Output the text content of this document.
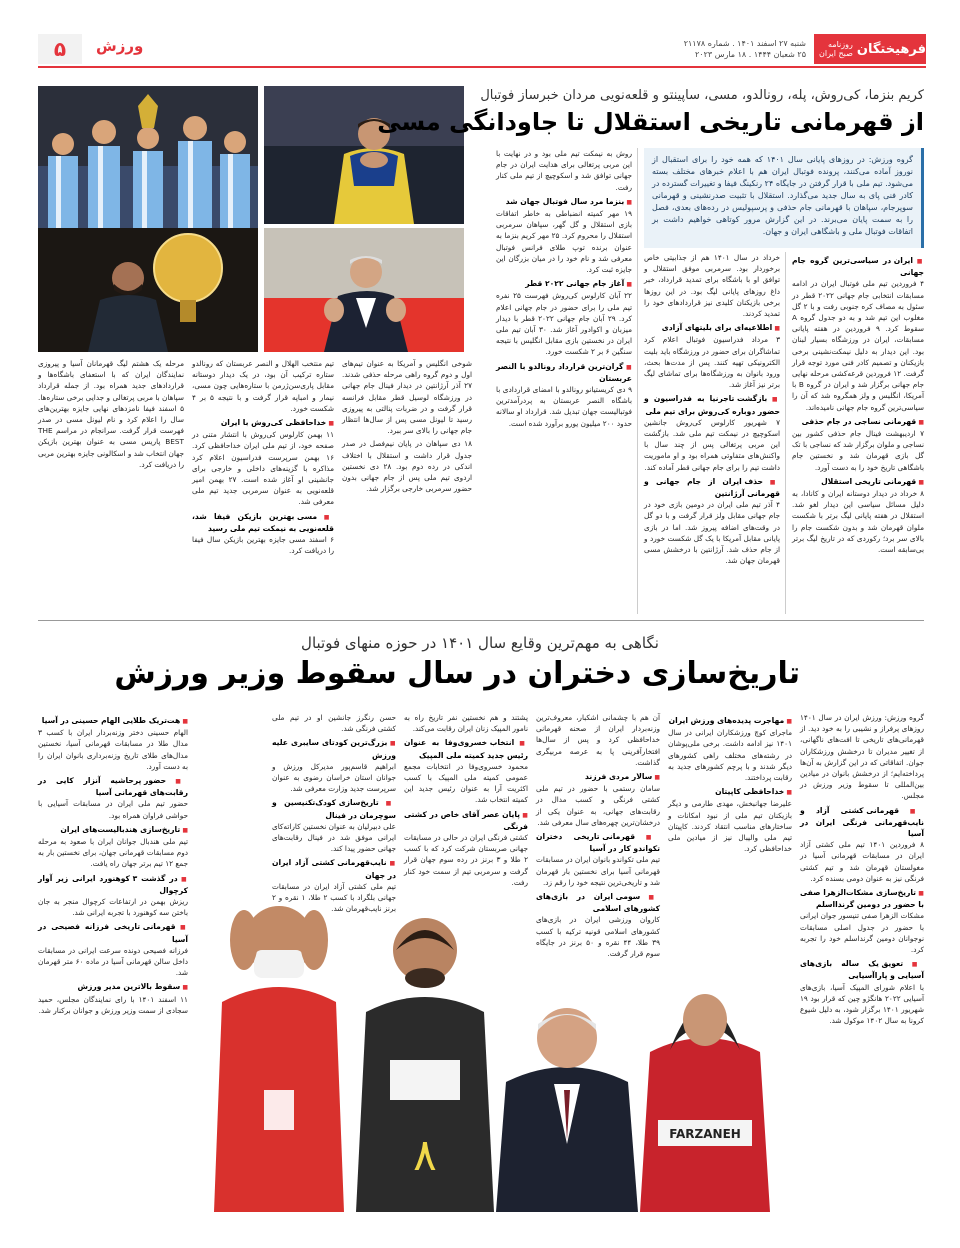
فرهیختگان
روزنامه صبح ایران
شنبه ۲۷ اسفند ۱۴۰۱ . شماره ۲۱۱۷۸
۲۵ شعبان ۱۴۴۴ . ۱۸ مارس ۲۰۲۳
ورزش
۵
کریم بنزما، کی‌روش، پله، رونالدو، مسی، ساپینتو و قلعه‌نویی مردان خبرساز فوتبال
از قهرمانی تاریخی استقلال تا جاودانگی مسی
گروه ورزش: در روزهای پایانی سال ۱۴۰۱ که همه خود را برای استقبال از نوروز آماده می‌کنند، پرونده فوتبال ایران هم با اعلام خبرهای مختلف بسته می‌شود. تیم ملی با قرار گرفتن در جایگاه ۲۴ رنکینگ فیفا و تغییرات گسترده در کادر فنی پای به سال جدید می‌گذارد. استقلال با تثبیت صدرنشینی و قهرمانی سوپرجام، سپاهان با قهرمانی جام حذفی و پرسپولیس در رده‌های بعدی، فصل را به سمت پایان می‌برند. در این گزارش مرور کوتاهی خواهیم داشت بر اتفاقات فوتبال ملی و باشگاهی ایران و جهان.
■ ایران در سیاسی‌ترین گروه جام جهانی

۴ فروردین تیم ملی فوتبال ایران در ادامه مسابقات انتخابی جام جهانی ۲۰۲۲ قطر در سئول به مصاف کره جنوبی رفت و با ۲ گل مغلوب این تیم شد و به دو جدول گروه A سقوط کرد. ۹ فروردین در هفته پایانی مسابقات، ایران در ورزشگاه بسیار لبنان بود. این دیدار به دلیل نیمکت‌نشینی برخی بازیکنان و تصمیم کادر فنی مورد توجه قرار گرفت. ۱۲ فروردین قرعه‌کشی مرحله نهایی جام جهانی برگزار شد و ایران در گروه B با آمریکا، انگلیس و ولز همگروه شد که آن را سیاسی‌ترین گروه جام جهانی نامیده‌اند.

■ قهرمانی نساجی در جام حذفی

۷ اردیبهشت فینال جام حذفی کشور بین نساجی و ملوان برگزار شد که نساجی با تک گل بازی قهرمان شد و نخستین جام باشگاهی تاریخ خود را به دست آورد.

■ قهرمانی تاریخی استقلال

۸ خرداد در دیدار دوستانه ایران و کانادا، به دلیل مسائل سیاسی این دیدار لغو شد. استقلال در هفته پایانی لیگ برتر با شکست ملوان قهرمان شد و بدون شکست جام را بالای سر برد؛ رکوردی که در تاریخ لیگ برتر بی‌سابقه است.

خرداد در سال ۱۴۰۱ هم از جذابیتی خاص برخوردار بود. سرمربی موفق استقلال و توافق او با باشگاه برای تمدید قرارداد، خبر داغ روزهای پایانی لیگ بود. در این روزها برخی بازیکنان کلیدی نیز قراردادهای خود را تمدید کردند.

■ اطلاعیه‌ای برای بلیتهای آزادی

۳ مرداد فدراسیون فوتبال اعلام کرد تماشاگران برای حضور در ورزشگاه باید بلیت الکترونیکی تهیه کنند. پس از مدت‌ها بحث، ورود بانوان به ورزشگاه‌ها برای تماشای لیگ برتر نیز آغاز شد.

■ بازگشت تاجرنیا به فدراسیون و حضور دوباره کی‌روش برای تیم ملی

۷ شهریور کارلوس کی‌روش جانشین اسکوچیچ در نیمکت تیم ملی شد. بازگشت این مربی پرتغالی پس از چند سال با واکنش‌های متفاوتی همراه بود و او ماموریت داشت تیم را برای جام جهانی قطر آماده کند.

■ حذف ایران از جام جهانی و قهرمانی آرژانتین

۴ آذر تیم ملی ایران در دومین بازی خود در جام جهانی مقابل ولز قرار گرفت و با دو گل در وقت‌های اضافه پیروز شد. اما در بازی پایانی مقابل آمریکا با یک گل شکست خورد و از جام حذف شد. آرژانتین با درخشش مسی قهرمان جهان شد.

روش به نیمکت تیم ملی بود و در نهایت با این مربی پرتغالی برای هدایت ایران در جام جهانی توافق شد و اسکوچیچ از تیم ملی کنار رفت.

■ بنزما مرد سال فوتبال جهان شد

۱۹ مهر کمیته انضباطی به خاطر اتفاقات بازی استقلال و گل گهر، سپاهان سرمربی استقلال را محروم کرد. ۲۵ مهر کریم بنزما به عنوان برنده توپ طلای فرانس فوتبال معرفی شد و نام خود را در میان بزرگان این جایزه ثبت کرد.

■ آغاز جام جهانی ۲۰۲۲ قطر

۲۲ آبان کارلوس کی‌روش فهرست ۲۵ نفره تیم ملی را برای حضور در جام جهانی اعلام کرد. ۲۹ آبان جام جهانی ۲۰۲۲ قطر با دیدار میزبان و اکوادور آغاز شد. ۳۰ آبان تیم ملی ایران در نخستین بازی مقابل انگلیس با نتیجه سنگین ۶ بر ۲ شکست خورد.

■ گران‌ترین قرارداد رونالدو با النصر عربستان

۹ دی کریستیانو رونالدو با امضای قراردادی با باشگاه النصر عربستان به پردرآمدترین فوتبالیست جهان تبدیل شد. قرارداد او سالانه حدود ۲۰۰ میلیون یورو برآورد شده است.

شوخی انگلیس و آمریکا به عنوان تیم‌های اول و دوم گروه راهی مرحله حذفی شدند. ۲۷ آذر آرژانتین در دیدار فینال جام جهانی در ورزشگاه لوسیل قطر مقابل فرانسه قرار گرفت و در ضربات پنالتی به پیروزی رسید تا لیونل مسی پس از سال‌ها انتظار جام جهانی را بالای سر ببرد.

۱۸ دی سپاهان در پایان نیم‌فصل در صدر جدول قرار داشت و استقلال با اختلاف اندکی در رده دوم بود. ۲۸ دی نخستین اردوی تیم ملی پس از جام جهانی بدون حضور سرمربی خارجی برگزار شد.

تیم منتخب الهلال و النصر عربستان که رونالدو ستاره ترکیب آن بود، در یک دیدار دوستانه مقابل پاری‌سن‌ژرمن با ستاره‌هایی چون مسی، نیمار و امباپه قرار گرفت و با نتیجه ۵ بر ۴ شکست خورد.

■ خداحافظی کی‌روش با ایران

۱۱ بهمن کارلوس کی‌روش با انتشار متنی در صفحه خود، از تیم ملی ایران خداحافظی کرد. ۱۶ بهمن سرپرست فدراسیون اعلام کرد مذاکره با گزینه‌های داخلی و خارجی برای جانشینی او آغاز شده است. ۲۷ بهمن امیر قلعه‌نویی به عنوان سرمربی جدید تیم ملی معرفی شد.

■ مسی بهترین بازیکن فیفا شد، قلعه‌نویی به نیمکت تیم ملی رسید

۶ اسفند مسی جایزه بهترین بازیکن سال فیفا را دریافت کرد.

مرحله یک هشتم لیگ قهرمانان آسیا و پیروزی نمایندگان ایران که با استعفای باشگاه‌ها و قراردادهای جدید همراه بود. از جمله قرارداد سپاهان با مربی پرتغالی و جدایی برخی ستاره‌ها. ۵ اسفند فیفا نامزدهای نهایی جایزه بهترین‌های سال را اعلام کرد و نام لیونل مسی در صدر فهرست قرار گرفت. سرانجام در مراسم THE BEST پاریس مسی به عنوان بهترین بازیکن جهان انتخاب شد و اسکالونی جایزه بهترین مربی را دریافت کرد.

نگاهی به مهم‌ترین وقایع سال ۱۴۰۱ در حوزه منهای فوتبال
تاریخ‌سازی دختران در سال سقوط وزیر ورزش

گروه ورزش: ورزش ایران در سال ۱۴۰۱ روزهای پرفراز و نشیبی را به خود دید. از قهرمانی‌های تاریخی تا افت‌های ناگهانی، از تغییر مدیران تا درخشش ورزشکاران جوان. اتفاقاتی که در این گزارش به آن‌ها پرداخته‌ایم؛ از درخشش بانوان در میادین بین‌المللی تا سقوط وزیر ورزش در مجلس.

■ قهرمانی کشتی آزاد و نایب‌قهرمانی فرنگی ایران در آسیا

۸ فروردین ۱۴۰۱ تیم ملی کشتی آزاد ایران در مسابقات قهرمانی آسیا در مغولستان قهرمان شد و تیم کشتی فرنگی نیز به عنوان دومی بسنده کرد.

■ تاریخ‌سازی مشکات‌الزهرا صفی با حضور در دومین گرندااسلم

مشکات الزهرا صفی تنیسور جوان ایرانی با حضور در جدول اصلی مسابقات نوجوانان دومین گرنداسلم خود را تجربه کرد.

■ تعویق یک ساله بازی‌های آسیایی و پاراآسیایی

با اعلام شورای المپیک آسیا، بازی‌های آسیایی ۲۰۲۲ هانگژو چین که قرار بود ۱۹ شهریور ۱۴۰۱ برگزار شود، به دلیل شیوع کرونا به سال ۱۴۰۲ موکول شد.

■ مهاجرت پدیده‌های ورزش ایران

ماجرای کوچ ورزشکاران ایرانی در سال ۱۴۰۱ نیز ادامه داشت. برخی ملی‌پوشان در رشته‌های مختلف راهی کشورهای دیگر شدند و با پرچم کشورهای جدید به رقابت پرداختند.

■ خداحافظی کاپیتان

علیرضا جهانبخش، مهدی طارمی و دیگر بازیکنان تیم ملی از نبود امکانات و ساختارهای مناسب انتقاد کردند. کاپیتان تیم ملی والیبال نیز از میادین ملی خداحافظی کرد.

آن هم با چشمانی اشکبار، معروف‌ترین وزنه‌بردار ایران از صحنه قهرمانی خداحافظی کرد و پس از سال‌ها افتخارآفرینی پا به عرصه مربیگری گذاشت.

■ سالار مردی فرزند

سامان رستمی با حضور در تیم ملی کشتی فرنگی و کسب مدال در رقابت‌های جهانی، به عنوان یکی از درخشان‌ترین چهره‌های سال معرفی شد.

■ قهرمانی تاریخی دختران تکواندو کار در آسیا

تیم ملی تکواندو بانوان ایران در مسابقات قهرمانی آسیا برای نخستین بار قهرمان شد و تاریخی‌ترین نتیجه خود را رقم زد.

■ سومی ایران در بازی‌های کشورهای اسلامی

کاروان ورزشی ایران در بازی‌های کشورهای اسلامی قونیه ترکیه با کسب ۳۹ طلا، ۴۴ نقره و ۵۰ برنز در جایگاه سوم قرار گرفت.

پشتند و هم نخستین نفر تاریخ راه به نامور المپیک زنان ایران رقابت می‌کند.

■ انتخاب خسروی‌وفا به عنوان رئیس جدید کمیته ملی المپیک

محمود خسروی‌وفا در انتخابات مجمع عمومی کمیته ملی المپیک با کسب اکثریت آرا به عنوان رئیس جدید این کمیته انتخاب شد.

■ پایان عصر آقای خاص در کشتی فرنگی

کشتی فرنگی ایران در حالی در مسابقات جهانی صربستان شرکت کرد که با کسب ۲ طلا و ۳ برنز در رده سوم جهان قرار گرفت و سرمربی تیم از سمت خود کنار رفت.

حسن رنگرز جانشین او در تیم ملی کشتی فرنگی شد.

■ بزرگ‌ترین کودتای سایبری علیه ورزش

ابراهیم قاسم‌پور مدیرکل ورزش و جوانان استان خراسان رضوی به عنوان سرپرست جدید وزارت معرفی شد.

■ تاریخ‌سازی کودک‌تکنیسین و سوچرمان در فینال

علی دبیرلیان به عنوان نخستین کاراته‌کای ایرانی موفق شد در فینال رقابت‌های جهانی حضور پیدا کند.

■ نایب‌قهرمانی کشتی آزاد ایران در جهان

تیم ملی کشتی آزاد ایران در مسابقات جهانی بلگراد با کسب ۲ طلا، ۱ نقره و ۲ برنز نایب‌قهرمان شد.

■ هت‌تریک طلایی الهام حسینی در آسیا

الهام حسینی دختر وزنه‌بردار ایران با کسب ۳ مدال طلا در مسابقات قهرمانی آسیا، نخستین مدال‌های طلای تاریخ وزنه‌برداری بانوان ایران را به دست آورد.

■ حضور پرحاشیه آنزار کایی در رقابت‌های قهرمانی آسیا

حضور تیم ملی ایران در مسابقات آسیایی با حواشی فراوان همراه بود.

■ تاریخ‌سازی هندبالیست‌های ایران

تیم ملی هندبال جوانان ایران با صعود به مرحله دوم مسابقات قهرمانی جهان، برای نخستین بار به جمع ۱۲ تیم برتر جهان راه یافت.

■ در گذشت ۳ کوهنورد ایرانی زیر آوار کرچوال

ریزش بهمن در ارتفاعات کرچوال منجر به جان باختن سه کوهنورد با تجربه ایرانی شد.

■ قهرمانی تاریخی فرزانه فصیحی در آسیا

فرزانه فصیحی دونده سرعت ایرانی در مسابقات داخل سالن قهرمانی آسیا در ماده ۶۰ متر قهرمان شد.

■ سقوط بالاترین مدیر ورزش

۱۱ اسفند ۱۴۰۱ با رای نمایندگان مجلس، حمید سجادی از سمت وزیر ورزش و جوانان برکنار شد.

۸	FARZANEH
